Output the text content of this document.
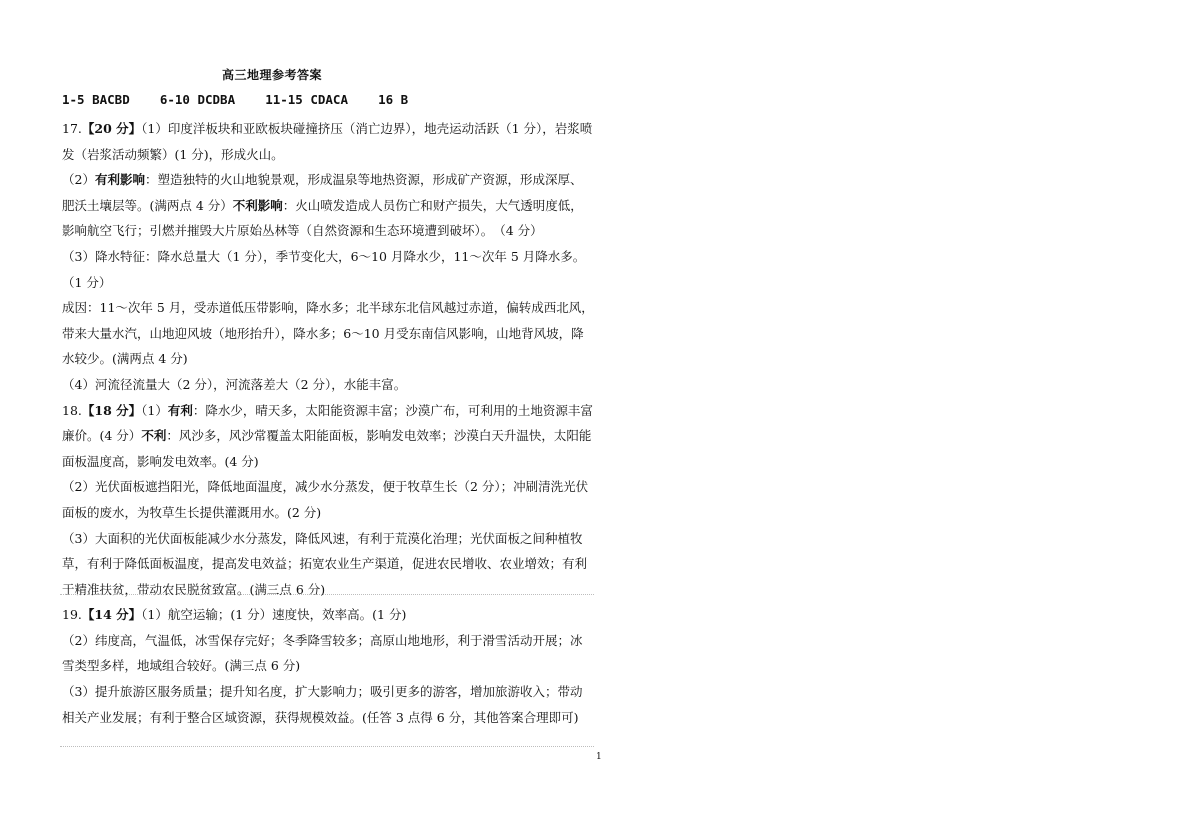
高三地理参考答案
1-5 BACBD    6-10 DCDBA    11-15 CDACA    16 B

17.【20 分】（1）印度洋板块和亚欧板块碰撞挤压（消亡边界），地壳运动活跃（1 分），岩浆喷发（岩浆活动频繁）(1 分)，形成火山。

（2）有利影响：塑造独特的火山地貌景观，形成温泉等地热资源，形成矿产资源，形成深厚、肥沃土壤层等。(满两点 4 分）不利影响：火山喷发造成人员伤亡和财产损失，大气透明度低，影响航空飞行；引燃并摧毁大片原始丛林等（自然资源和生态环境遭到破坏）。　（4 分）

（3）降水特征：降水总量大（1 分），季节变化大，6～10 月降水少，11～次年 5 月降水多。（1 分）

成因：11～次年 5 月，受赤道低压带影响，降水多；北半球东北信风越过赤道，偏转成西北风，带来大量水汽，山地迎风坡（地形抬升），降水多；6～10 月受东南信风影响，山地背风坡，降水较少。(满两点 4 分)

（4）河流径流量大（2 分），河流落差大（2 分），水能丰富。

18.【18 分】（1）有利：降水少，晴天多，太阳能资源丰富；沙漠广布，可利用的土地资源丰富廉价。(4 分）不利：风沙多，风沙常覆盖太阳能面板，影响发电效率；沙漠白天升温快，太阳能面板温度高，影响发电效率。(4 分)

（2）光伏面板遮挡阳光，降低地面温度，减少水分蒸发，便于牧草生长（2 分）；冲刷清洗光伏面板的废水，为牧草生长提供灌溉用水。(2 分)

（3）大面积的光伏面板能减少水分蒸发，降低风速，有利于荒漠化治理；光伏面板之间种植牧草，有利于降低面板温度，提高发电效益；拓宽农业生产渠道，促进农民增收、农业增效；有利于精准扶贫，带动农民脱贫致富。(满三点 6 分)

19.【14 分】（1）航空运输；(1 分）速度快，效率高。(1 分)

（2）纬度高，气温低，冰雪保存完好；冬季降雪较多；高原山地地形，利于滑雪活动开展；冰雪类型多样，地域组合较好。(满三点 6 分)

（3）提升旅游区服务质量；提升知名度，扩大影响力；吸引更多的游客，增加旅游收入；带动相关产业发展；有利于整合区域资源，获得规模效益。(任答 3 点得 6 分，其他答案合理即可)

1
